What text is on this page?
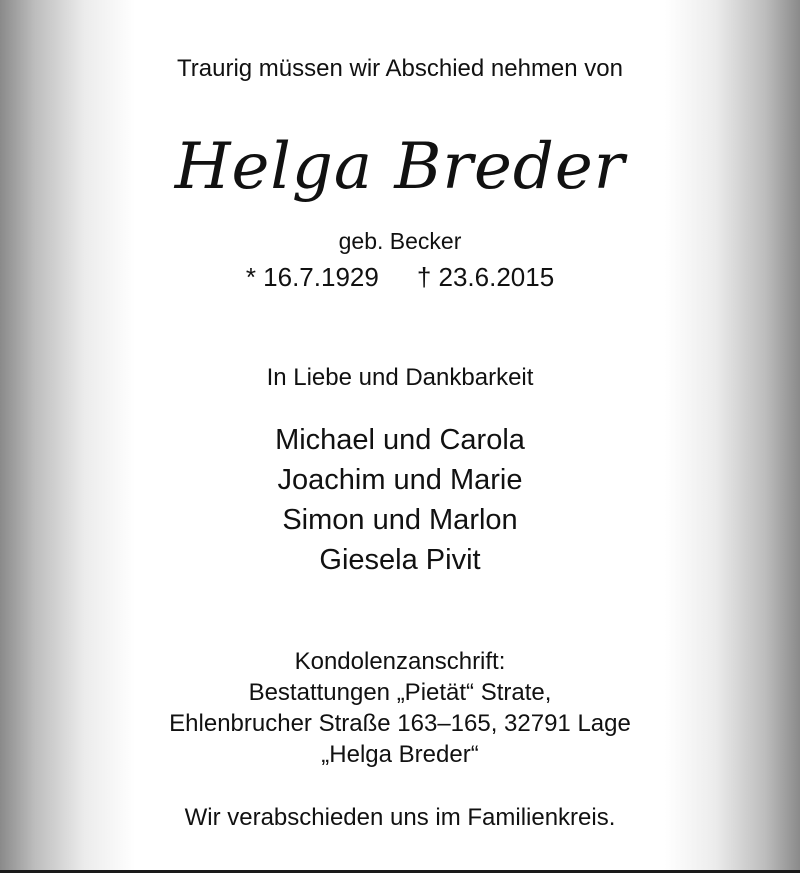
Traurig müssen wir Abschied nehmen von
Helga Breder
geb. Becker
* 16.7.1929 † 23.6.2015
In Liebe und Dankbarkeit
Michael und Carola
Joachim und Marie
Simon und Marlon
Giesela Pivit
Kondolenzanschrift:
Bestattungen „Pietät“ Strate,
Ehlenbrucher Straße 163–165, 32791 Lage
„Helga Breder“
Wir verabschieden uns im Familienkreis.
